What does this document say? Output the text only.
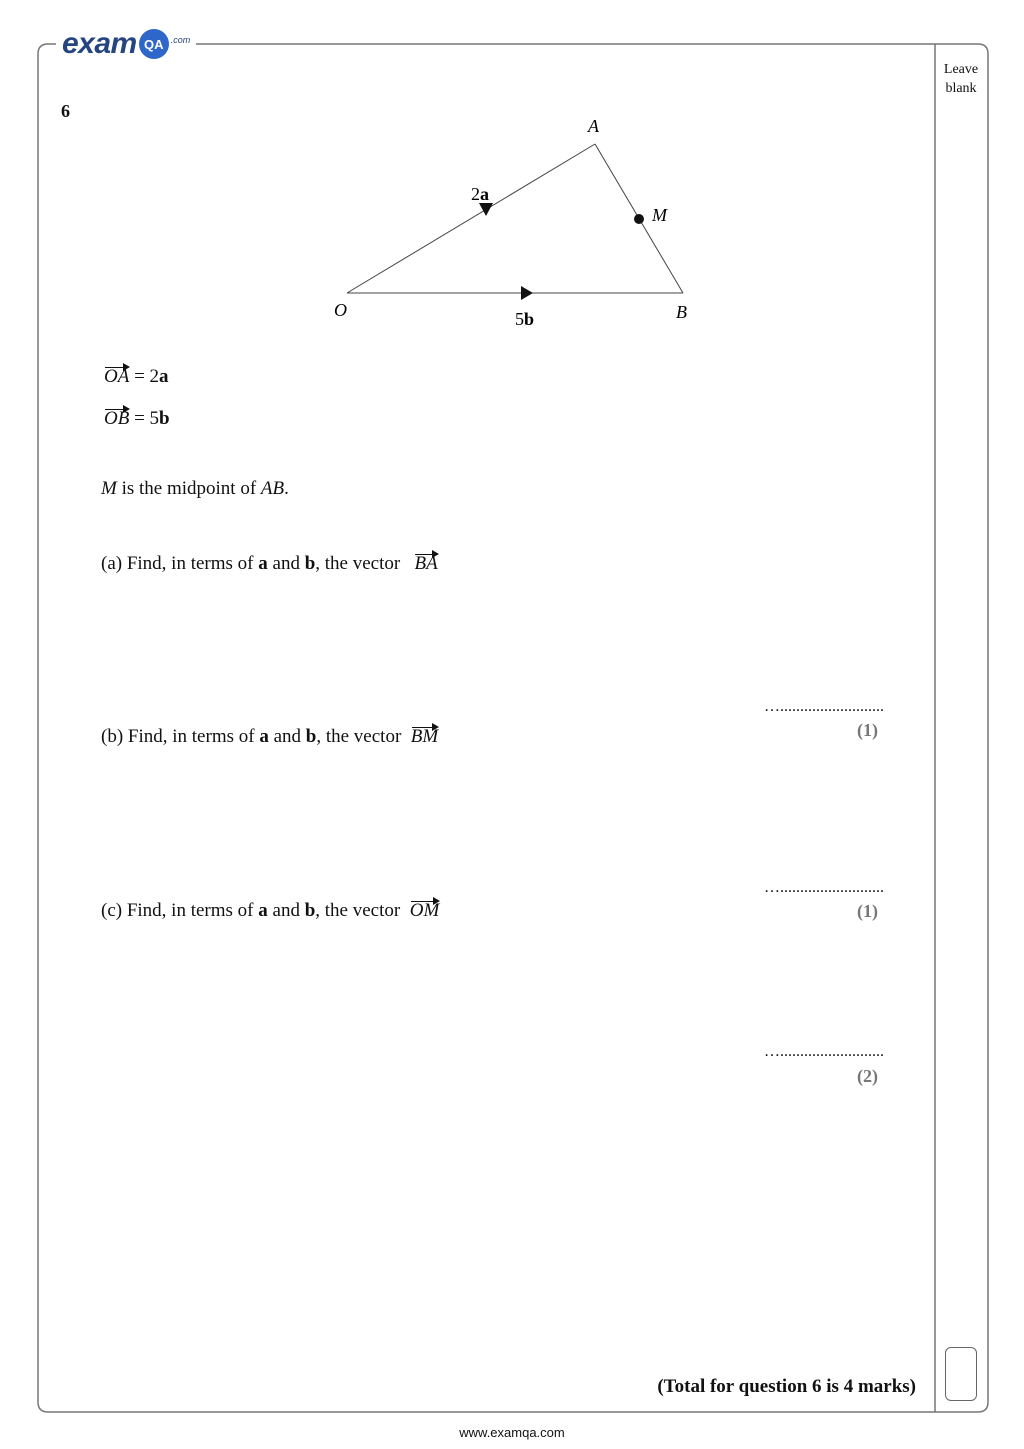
exam QA .com
Leave
blank
6
A
M
O	B
2a
5b
OA = 2a
OB = 5b
M is the midpoint of AB.
(a) Find, in terms of a and b, the vector BA
…..........................
(1)
(b) Find, in terms of a and b, the vector BM
…..........................
(1)
(c) Find, in terms of a and b, the vector OM
…..........................
(2)
(Total for question 6 is 4 marks)
www.examqa.com
